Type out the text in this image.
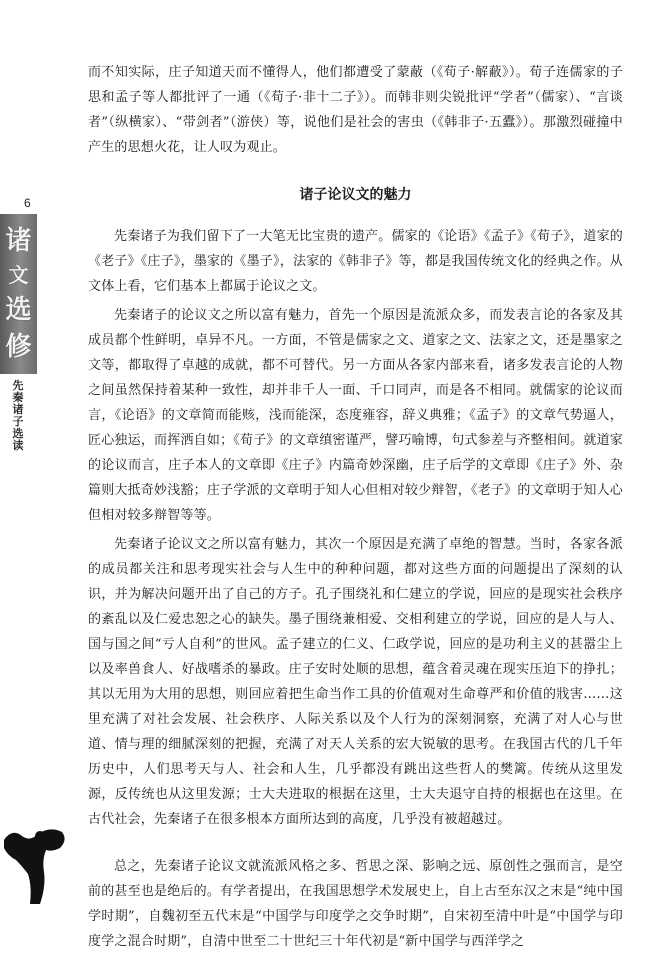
6
诸
文
选
修
先秦诸子选读

而不知实际，庄子知道天而不懂得人，他们都遭受了蒙蔽（《荀子·解蔽》）。荀子连儒家的子思和孟子等人都批评了一通（《荀子·非十二子》）。而韩非则尖锐批评“学者”（儒家）、“言谈者”（纵横家）、“带剑者”（游侠）等，说他们是社会的害虫（《韩非子·五蠹》）。那激烈碰撞中产生的思想火花，让人叹为观止。

诸子论议文的魅力

先秦诸子为我们留下了一大笔无比宝贵的遗产。儒家的《论语》《孟子》《荀子》，道家的《老子》《庄子》，墨家的《墨子》，法家的《韩非子》等，都是我国传统文化的经典之作。从文体上看，它们基本上都属于论议之文。

先秦诸子的论议文之所以富有魅力，首先一个原因是流派众多，而发表言论的各家及其成员都个性鲜明，卓异不凡。一方面，不管是儒家之文、道家之文、法家之文，还是墨家之文等，都取得了卓越的成就，都不可替代。另一方面从各家内部来看，诸多发表言论的人物之间虽然保持着某种一致性，却并非千人一面、千口同声，而是各不相同。就儒家的论议而言，《论语》的文章简而能赅，浅而能深，态度雍容，辞义典雅；《孟子》的文章气势逼人，匠心独运，而挥洒自如；《荀子》的文章缜密谨严，譬巧喻博，句式参差与齐整相间。就道家的论议而言，庄子本人的文章即《庄子》内篇奇妙深幽，庄子后学的文章即《庄子》外、杂篇则大抵奇妙浅豁；庄子学派的文章明于知人心但相对较少辩智，《老子》的文章明于知人心但相对较多辩智等等。

先秦诸子论议文之所以富有魅力，其次一个原因是充满了卓绝的智慧。当时，各家各派的成员都关注和思考现实社会与人生中的种种问题，都对这些方面的问题提出了深刻的认识，并为解决问题开出了自己的方子。孔子围绕礼和仁建立的学说，回应的是现实社会秩序的紊乱以及仁爱忠恕之心的缺失。墨子围绕兼相爱、交相利建立的学说，回应的是人与人、国与国之间“亏人自利”的世风。孟子建立的仁义、仁政学说，回应的是功利主义的甚嚣尘上以及率兽食人、好战嗜杀的暴政。庄子安时处顺的思想，蕴含着灵魂在现实压迫下的挣扎；其以无用为大用的思想，则回应着把生命当作工具的价值观对生命尊严和价值的戕害……这里充满了对社会发展、社会秩序、人际关系以及个人行为的深刻洞察，充满了对人心与世道、情与理的细腻深刻的把握，充满了对天人关系的宏大锐敏的思考。在我国古代的几千年历史中，人们思考天与人、社会和人生，几乎都没有跳出这些哲人的樊篱。传统从这里发源，反传统也从这里发源；士大夫进取的根据在这里，士大夫退守自持的根据也在这里。在古代社会，先秦诸子在很多根本方面所达到的高度，几乎没有被超越过。

总之，先秦诸子论议文就流派风格之多、哲思之深、影响之远、原创性之强而言，是空前的甚至也是绝后的。有学者提出，在我国思想学术发展史上，自上古至东汉之末是“纯中国学时期”，自魏初至五代末是“中国学与印度学之交争时期”，自宋初至清中叶是“中国学与印度学之混合时期”，自清中世至二十世纪三十年代初是“新中国学与西洋学之
